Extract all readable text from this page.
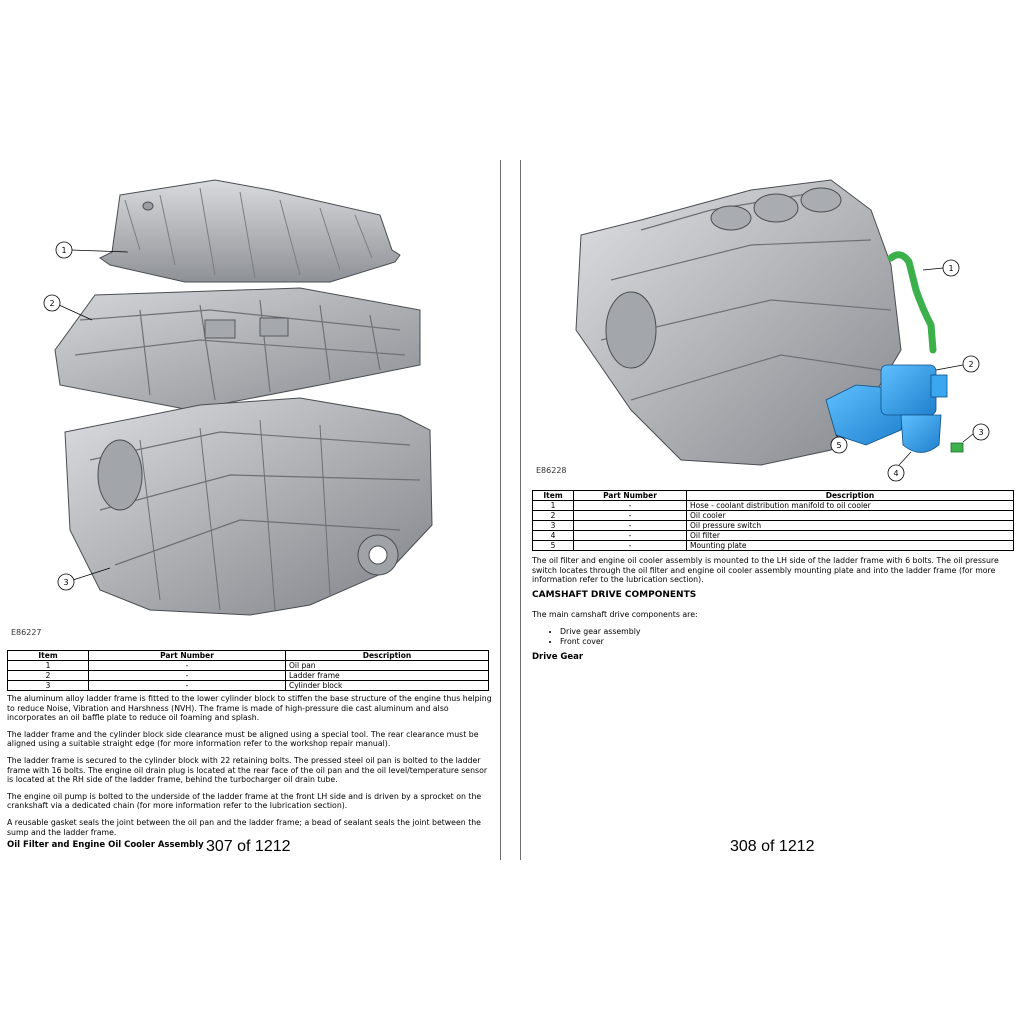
1
2
3
E86227
Item	Part Number	Description
1	-	Oil pan
2	-	Ladder frame
3	-	Cylinder block

The aluminum alloy ladder frame is fitted to the lower cylinder block to stiffen the base structure of the engine thus helping to reduce Noise, Vibration and Harshness (NVH). The frame is made of high-pressure die cast aluminum and also incorporates an oil baffle plate to reduce oil foaming and splash.

The ladder frame and the cylinder block side clearance must be aligned using a special tool. The rear clearance must be aligned using a suitable straight edge (for more information refer to the workshop repair manual).

The ladder frame is secured to the cylinder block with 22 retaining bolts. The pressed steel oil pan is bolted to the ladder frame with 16 bolts. The engine oil drain plug is located at the rear face of the oil pan and the oil level/temperature sensor is located at the RH side of the ladder frame, behind the turbocharger oil drain tube.

The engine oil pump is bolted to the underside of the ladder frame at the front LH side and is driven by a sprocket on the crankshaft via a dedicated chain (for more information refer to the lubrication section).

A reusable gasket seals the joint between the oil pan and the ladder frame; a bead of sealant seals the joint between the sump and the ladder frame.

Oil Filter and Engine Oil Cooler Assembly 307 of 1212
1
2
3
4
5
E86228
Item	Part Number	Description
1	-	Hose - coolant distribution manifold to oil cooler
2	-	Oil cooler
3	-	Oil pressure switch
4	-	Oil filter
5	-	Mounting plate

The oil filter and engine oil cooler assembly is mounted to the LH side of the ladder frame with 6 bolts. The oil pressure switch locates through the oil filter and engine oil cooler assembly mounting plate and into the ladder frame (for more information refer to the lubrication section).

CAMSHAFT DRIVE COMPONENTS
The main camshaft drive components are:
• Drive gear assembly
• Front cover
Drive Gear
308 of 1212
